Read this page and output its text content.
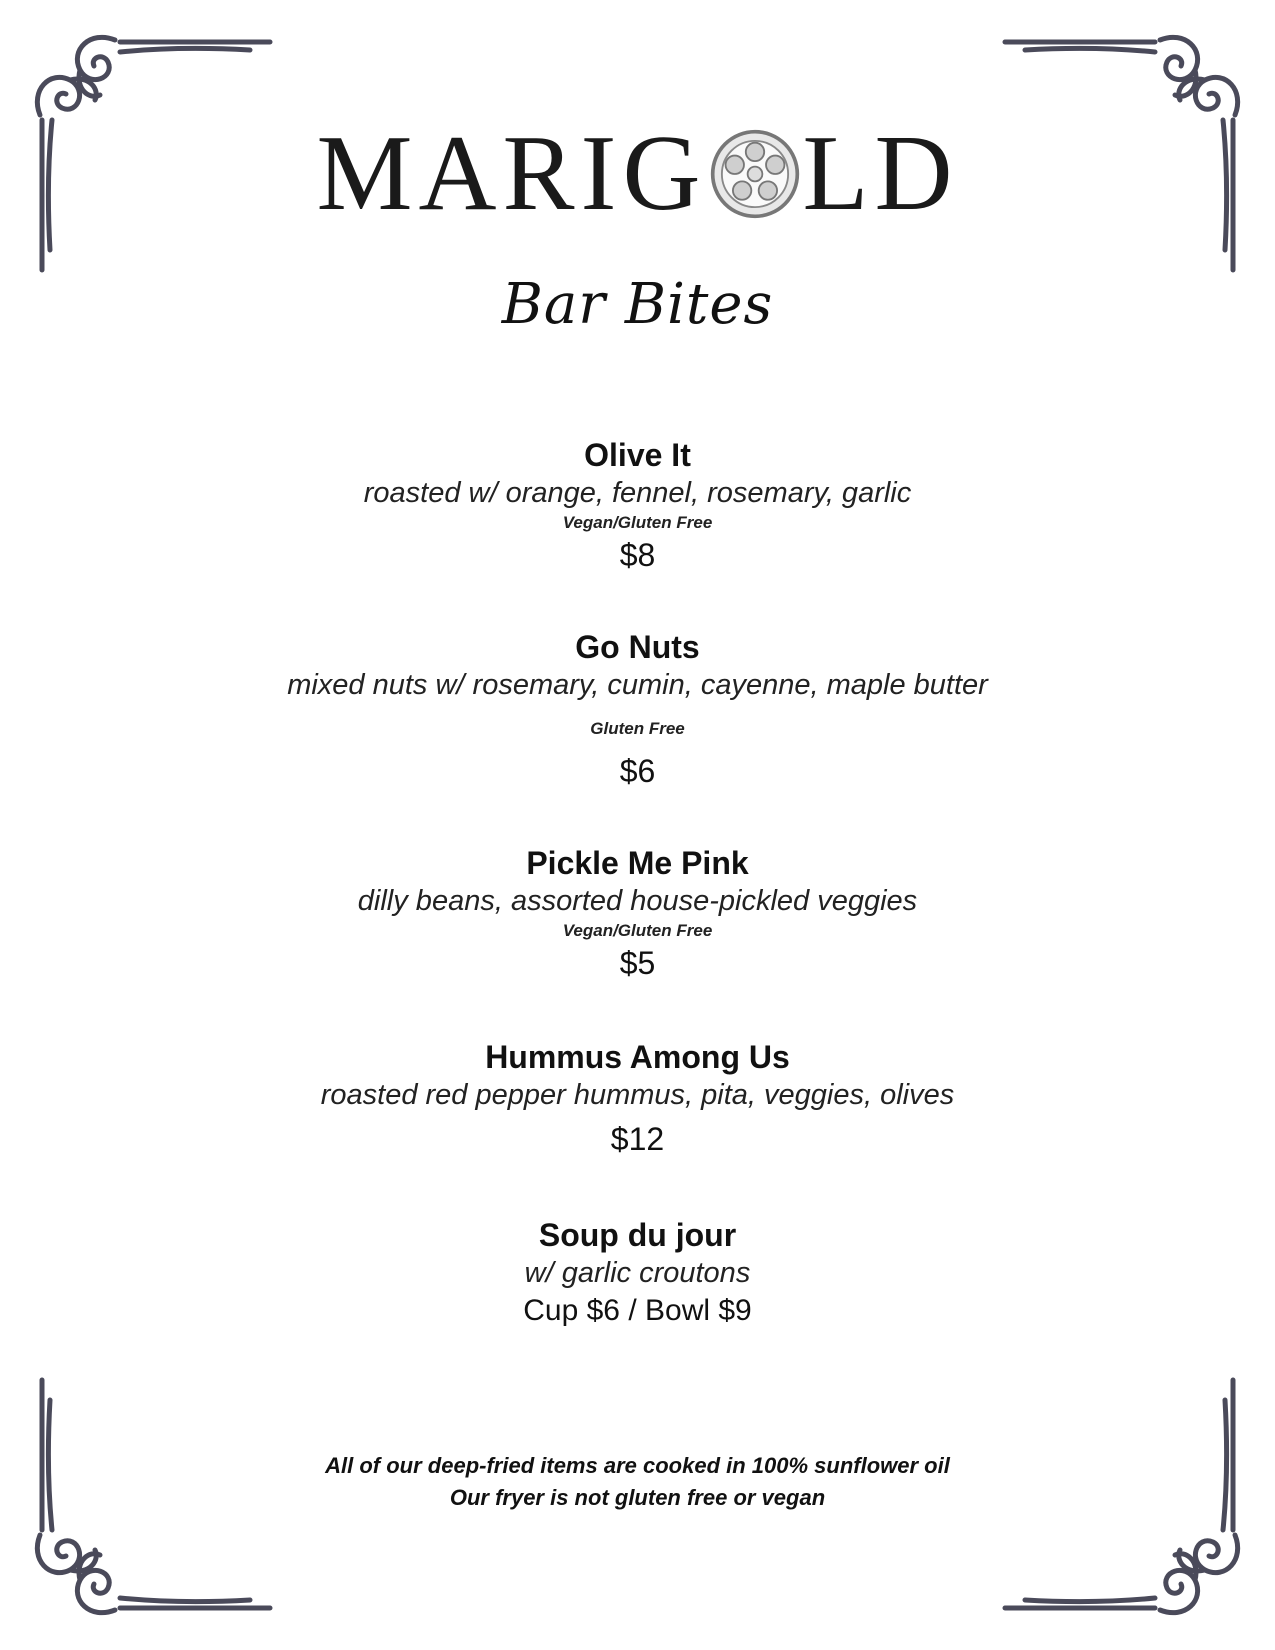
MARIG LD
Bar Bites
Olive It
roasted w/ orange, fennel, rosemary, garlic
Vegan/Gluten Free
$8
Go Nuts
mixed nuts w/ rosemary, cumin, cayenne, maple butter
Gluten Free
$6
Pickle Me Pink
dilly beans, assorted house-pickled veggies
Vegan/Gluten Free
$5
Hummus Among Us
roasted red pepper hummus, pita, veggies, olives
$12
Soup du jour
w/ garlic croutons
Cup $6 / Bowl $9
All of our deep-fried items are cooked in 100% sunflower oil
Our fryer is not gluten free or vegan
